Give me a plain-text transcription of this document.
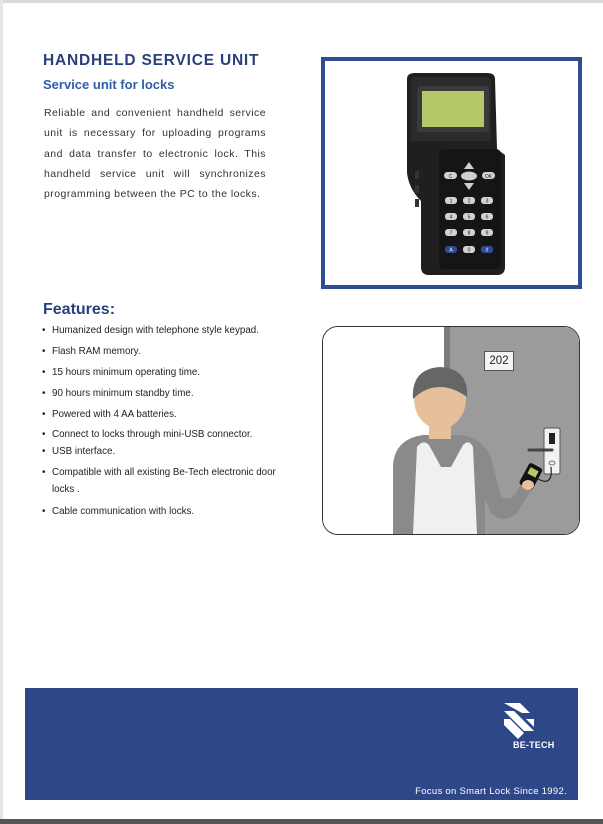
HANDHELD SERVICE UNIT
Service unit for locks

Reliable and convenient handheld service unit is necessary for uploading programs and data transfer to electronic lock. This handheld service unit will synchronizes programming between the PC to the locks.

C	OK
1	2	3
4	5	6
7	8	9
A	0	#
Features:
• Humanized design with telephone style keypad.
• Flash RAM memory.
• 15 hours minimum operating time.
• 90 hours minimum standby time.
• Powered with 4 AA batteries.
• Connect to locks through mini-USB connector.
• USB interface.
• Compatible with all existing Be-Tech electronic door locks .
• Cable communication with locks.
202

BE-TECH

Focus on Smart Lock Since 1992.
